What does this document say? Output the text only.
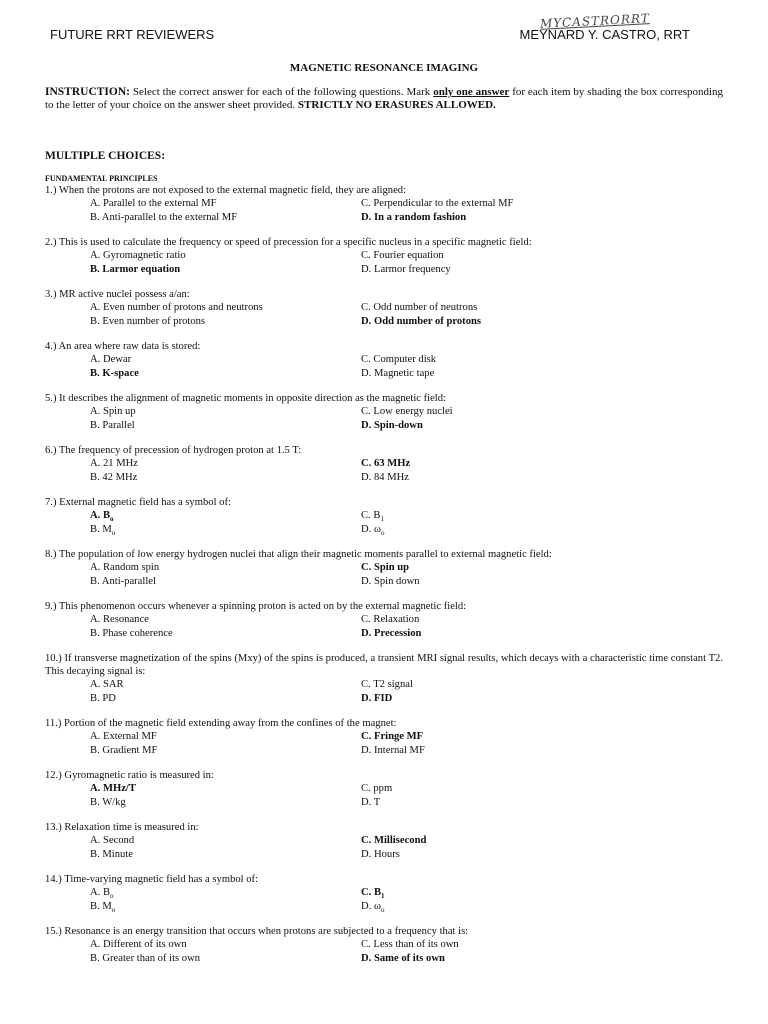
FUTURE RRT REVIEWERS	MEYNARD Y. CASTRO, RRT
MYCASTRORRT
MAGNETIC RESONANCE IMAGING
INSTRUCTION: Select the correct answer for each of the following questions. Mark only one answer for each item by shading the box corresponding to the letter of your choice on the answer sheet provided. STRICTLY NO ERASURES ALLOWED.
MULTIPLE CHOICES:
FUNDAMENTAL PRINCIPLES
1.) When the protons are not exposed to the external magnetic field, they are aligned:
A. Parallel to the external MF	C. Perpendicular to the external MF
B. Anti-parallel to the external MF	D. In a random fashion
2.) This is used to calculate the frequency or speed of precession for a specific nucleus in a specific magnetic field:
A. Gyromagnetic ratio	C. Fourier equation
B. Larmor equation	D. Larmor frequency
3.) MR active nuclei possess a/an:
A. Even number of protons and neutrons	C. Odd number of neutrons
B. Even number of protons	D. Odd number of protons
4.) An area where raw data is stored:
A. Dewar	C. Computer disk
B. K-space	D. Magnetic tape
5.) It describes the alignment of magnetic moments in opposite direction as the magnetic field:
A. Spin up	C. Low energy nuclei
B. Parallel	D. Spin-down
6.) The frequency of precession of hydrogen proton at 1.5 T:
A. 21 MHz	C. 63 MHz
B. 42 MHz	D. 84 MHz
7.) External magnetic field has a symbol of:
A. $B_o$	C. $B_1$
B. $M_o$	D. $\omega_o$
8.) The population of low energy hydrogen nuclei that align their magnetic moments parallel to external magnetic field:
A. Random spin	C. Spin up
B. Anti-parallel	D. Spin down
9.) This phenomenon occurs whenever a spinning proton is acted on by the external magnetic field:
A. Resonance	C. Relaxation
B. Phase coherence	D. Precession
10.) If transverse magnetization of the spins (Mxy) of the spins is produced, a transient MRI signal results, which decays with a characteristic time constant T2. This decaying signal is:
A. SAR	C. T2 signal
B. PD	D. FID
11.) Portion of the magnetic field extending away from the confines of the magnet:
A. External MF	C. Fringe MF
B. Gradient MF	D. Internal MF
12.) Gyromagnetic ratio is measured in:
A. MHz/T	C. ppm
B. W/kg	D. T
13.) Relaxation time is measured in:
A. Second	C. Millisecond
B. Minute	D. Hours
14.) Time-varying magnetic field has a symbol of:
A. $B_o$	C. $B_1$
B. $M_o$	D. $\omega_o$
15.) Resonance is an energy transition that occurs when protons are subjected to a frequency that is:
A. Different of its own	C. Less than of its own
B. Greater than of its own	D. Same of its own
